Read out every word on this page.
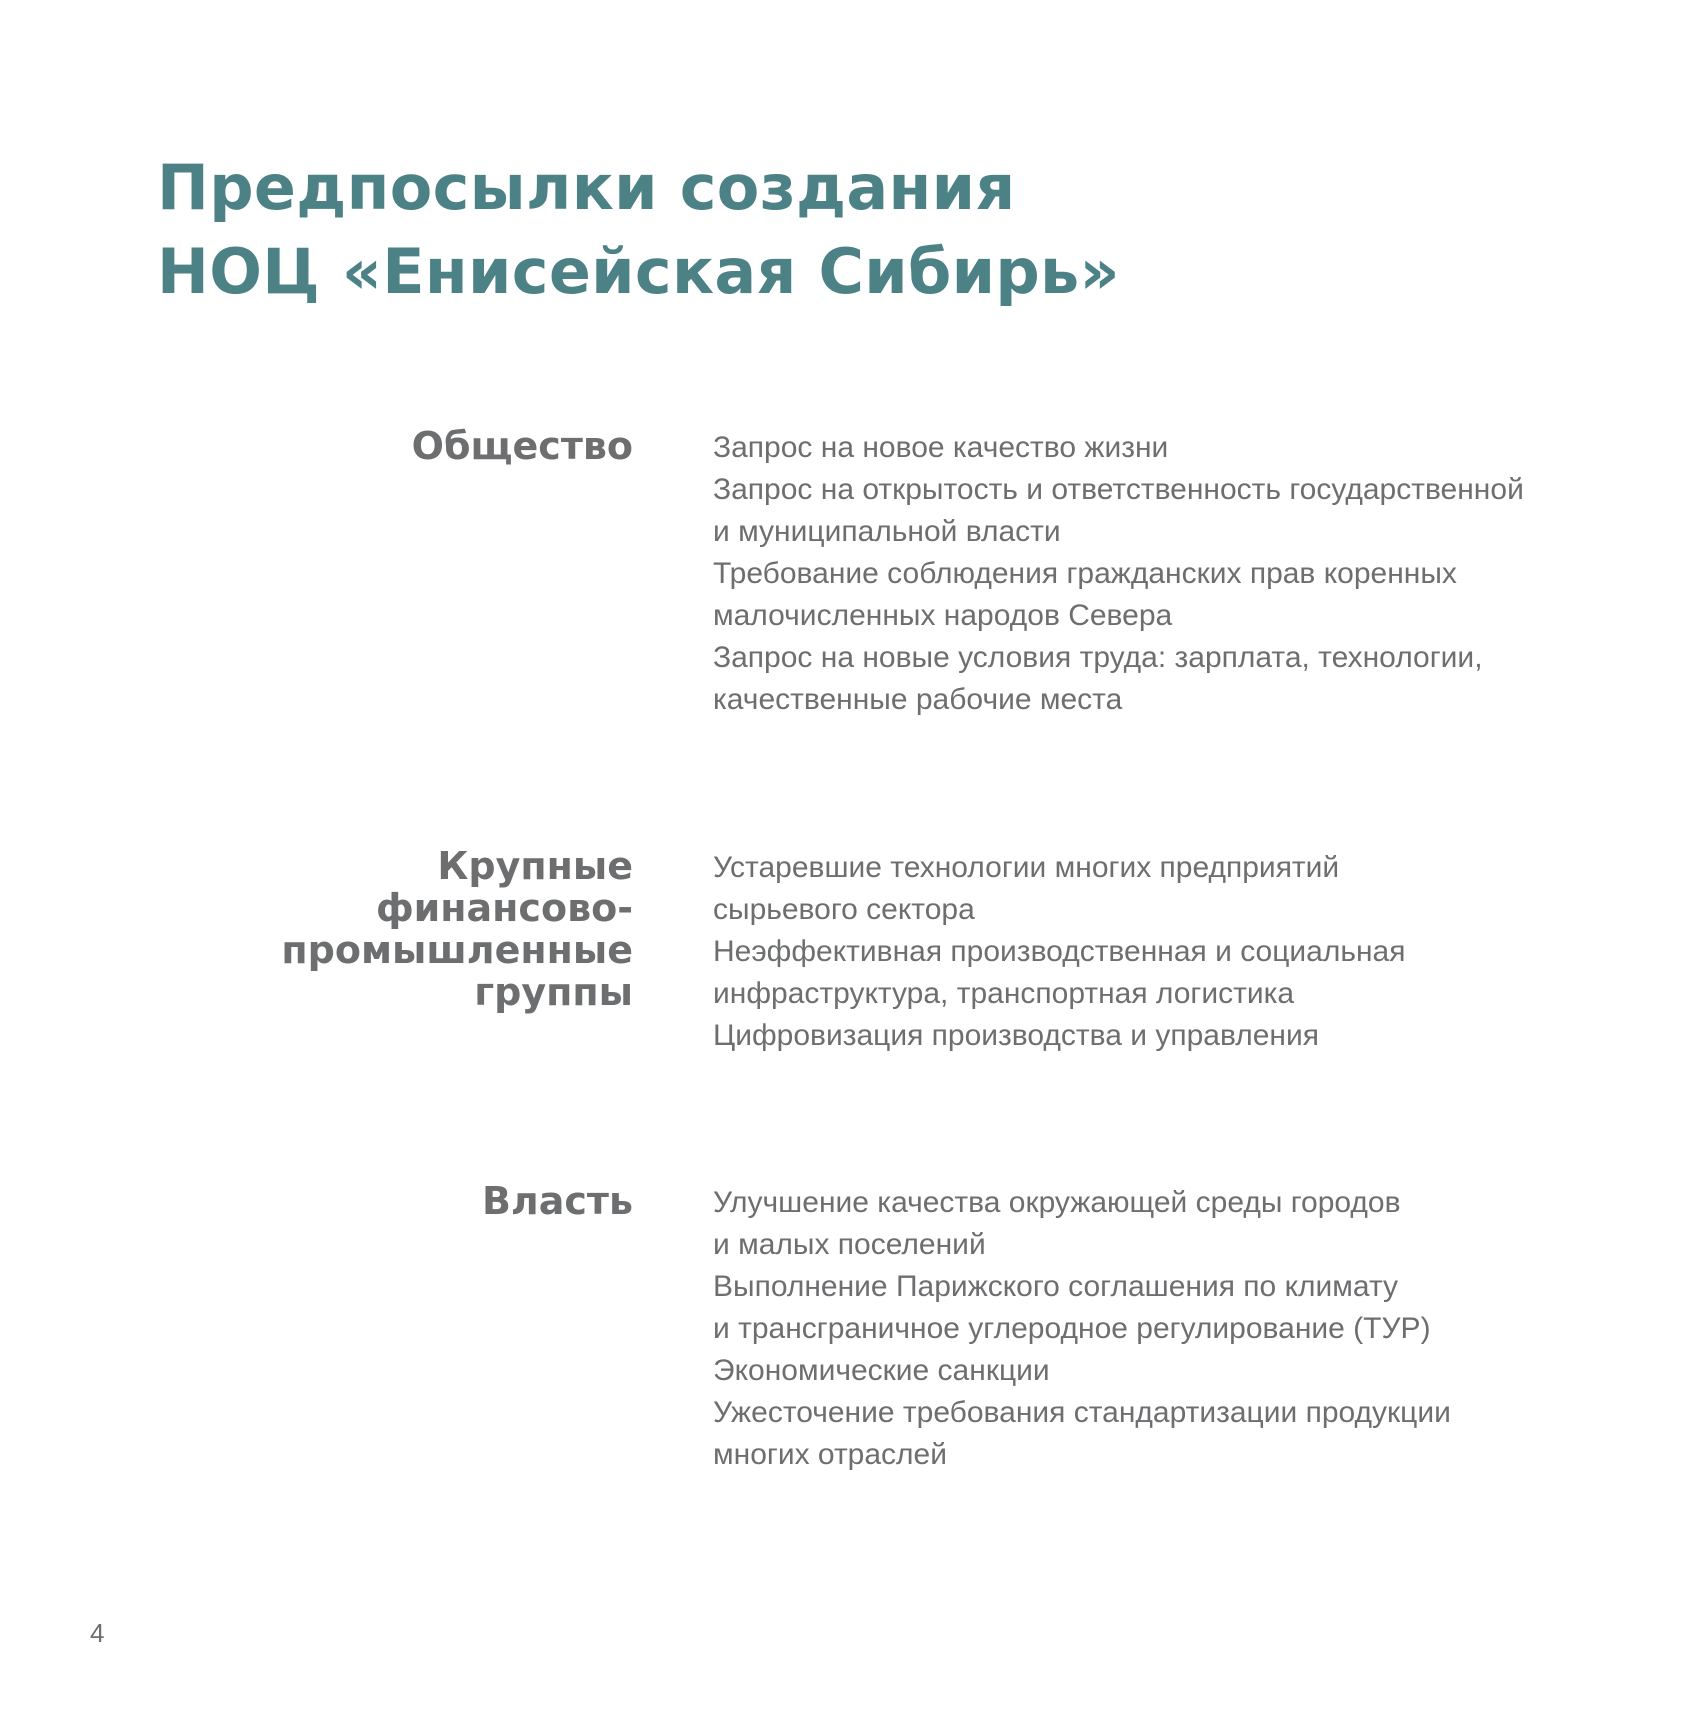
Предпосылки создания
НОЦ «Енисейская Сибирь»
Общество	Запрос на новое качество жизни
Запрос на открытость и ответственность государственной
и муниципальной власти
Требование соблюдения гражданских прав коренных
малочисленных народов Севера
Запрос на новые условия труда: зарплата, технологии,
качественные рабочие места
Крупные
финансово-
промышленные
группы
Устаревшие технологии многих предприятий
сырьевого сектора
Неэффективная производственная и социальная
инфраструктура, транспортная логистика
Цифровизация производства и управления
Власть	Улучшение качества окружающей среды городов
и малых поселений
Выполнение Парижского соглашения по климату
и трансграничное углеродное регулирование (ТУР)
Экономические санкции
Ужесточение требования стандартизации продукции
многих отраслей
4
